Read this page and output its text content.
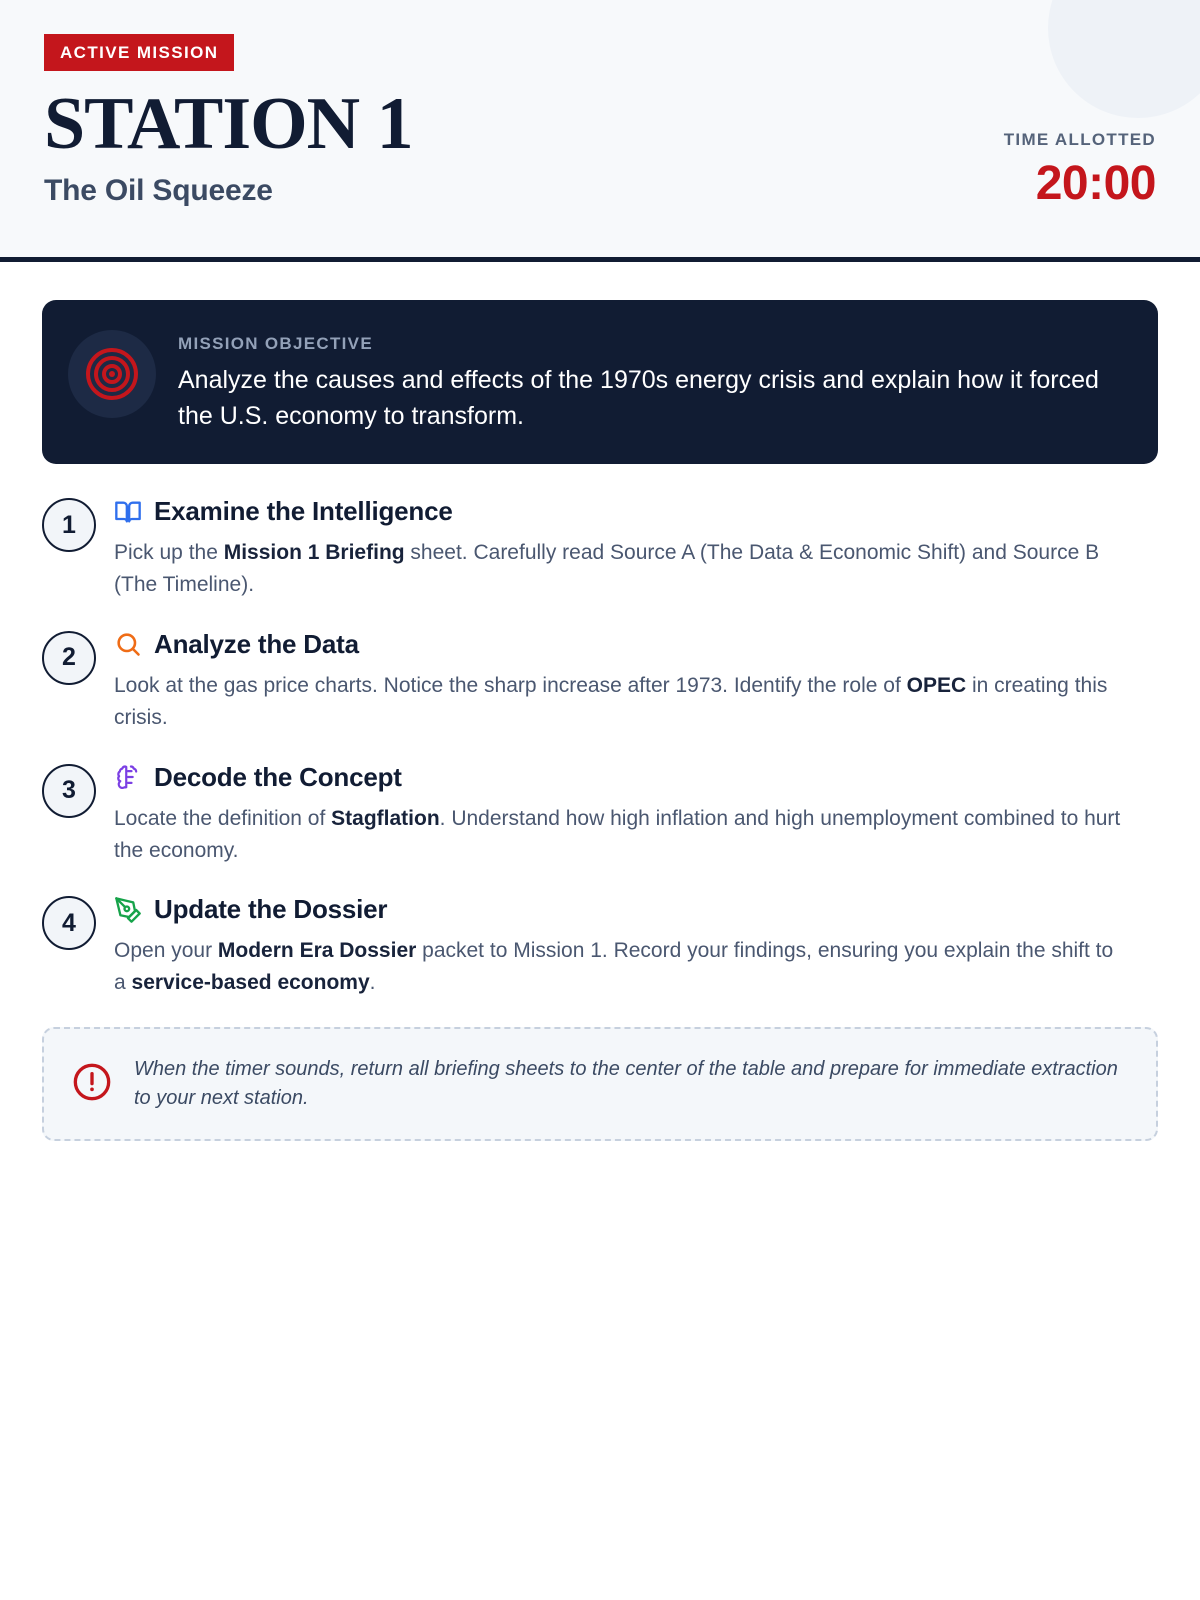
ACTIVE MISSION
STATION 1
The Oil Squeeze
TIME ALLOTTED
20:00
MISSION OBJECTIVE
Analyze the causes and effects of the 1970s energy crisis and explain how it forced the U.S. economy to transform.
1	Examine the Intelligence
Pick up the Mission 1 Briefing sheet. Carefully read Source A (The Data & Economic Shift) and Source B (The Timeline).
2	Analyze the Data
Look at the gas price charts. Notice the sharp increase after 1973. Identify the role of OPEC in creating this crisis.
3	Decode the Concept
Locate the definition of Stagflation. Understand how high inflation and high unemployment combined to hurt the economy.
4	Update the Dossier
Open your Modern Era Dossier packet to Mission 1. Record your findings, ensuring you explain the shift to a service-based economy.
When the timer sounds, return all briefing sheets to the center of the table and prepare for immediate extraction to your next station.
